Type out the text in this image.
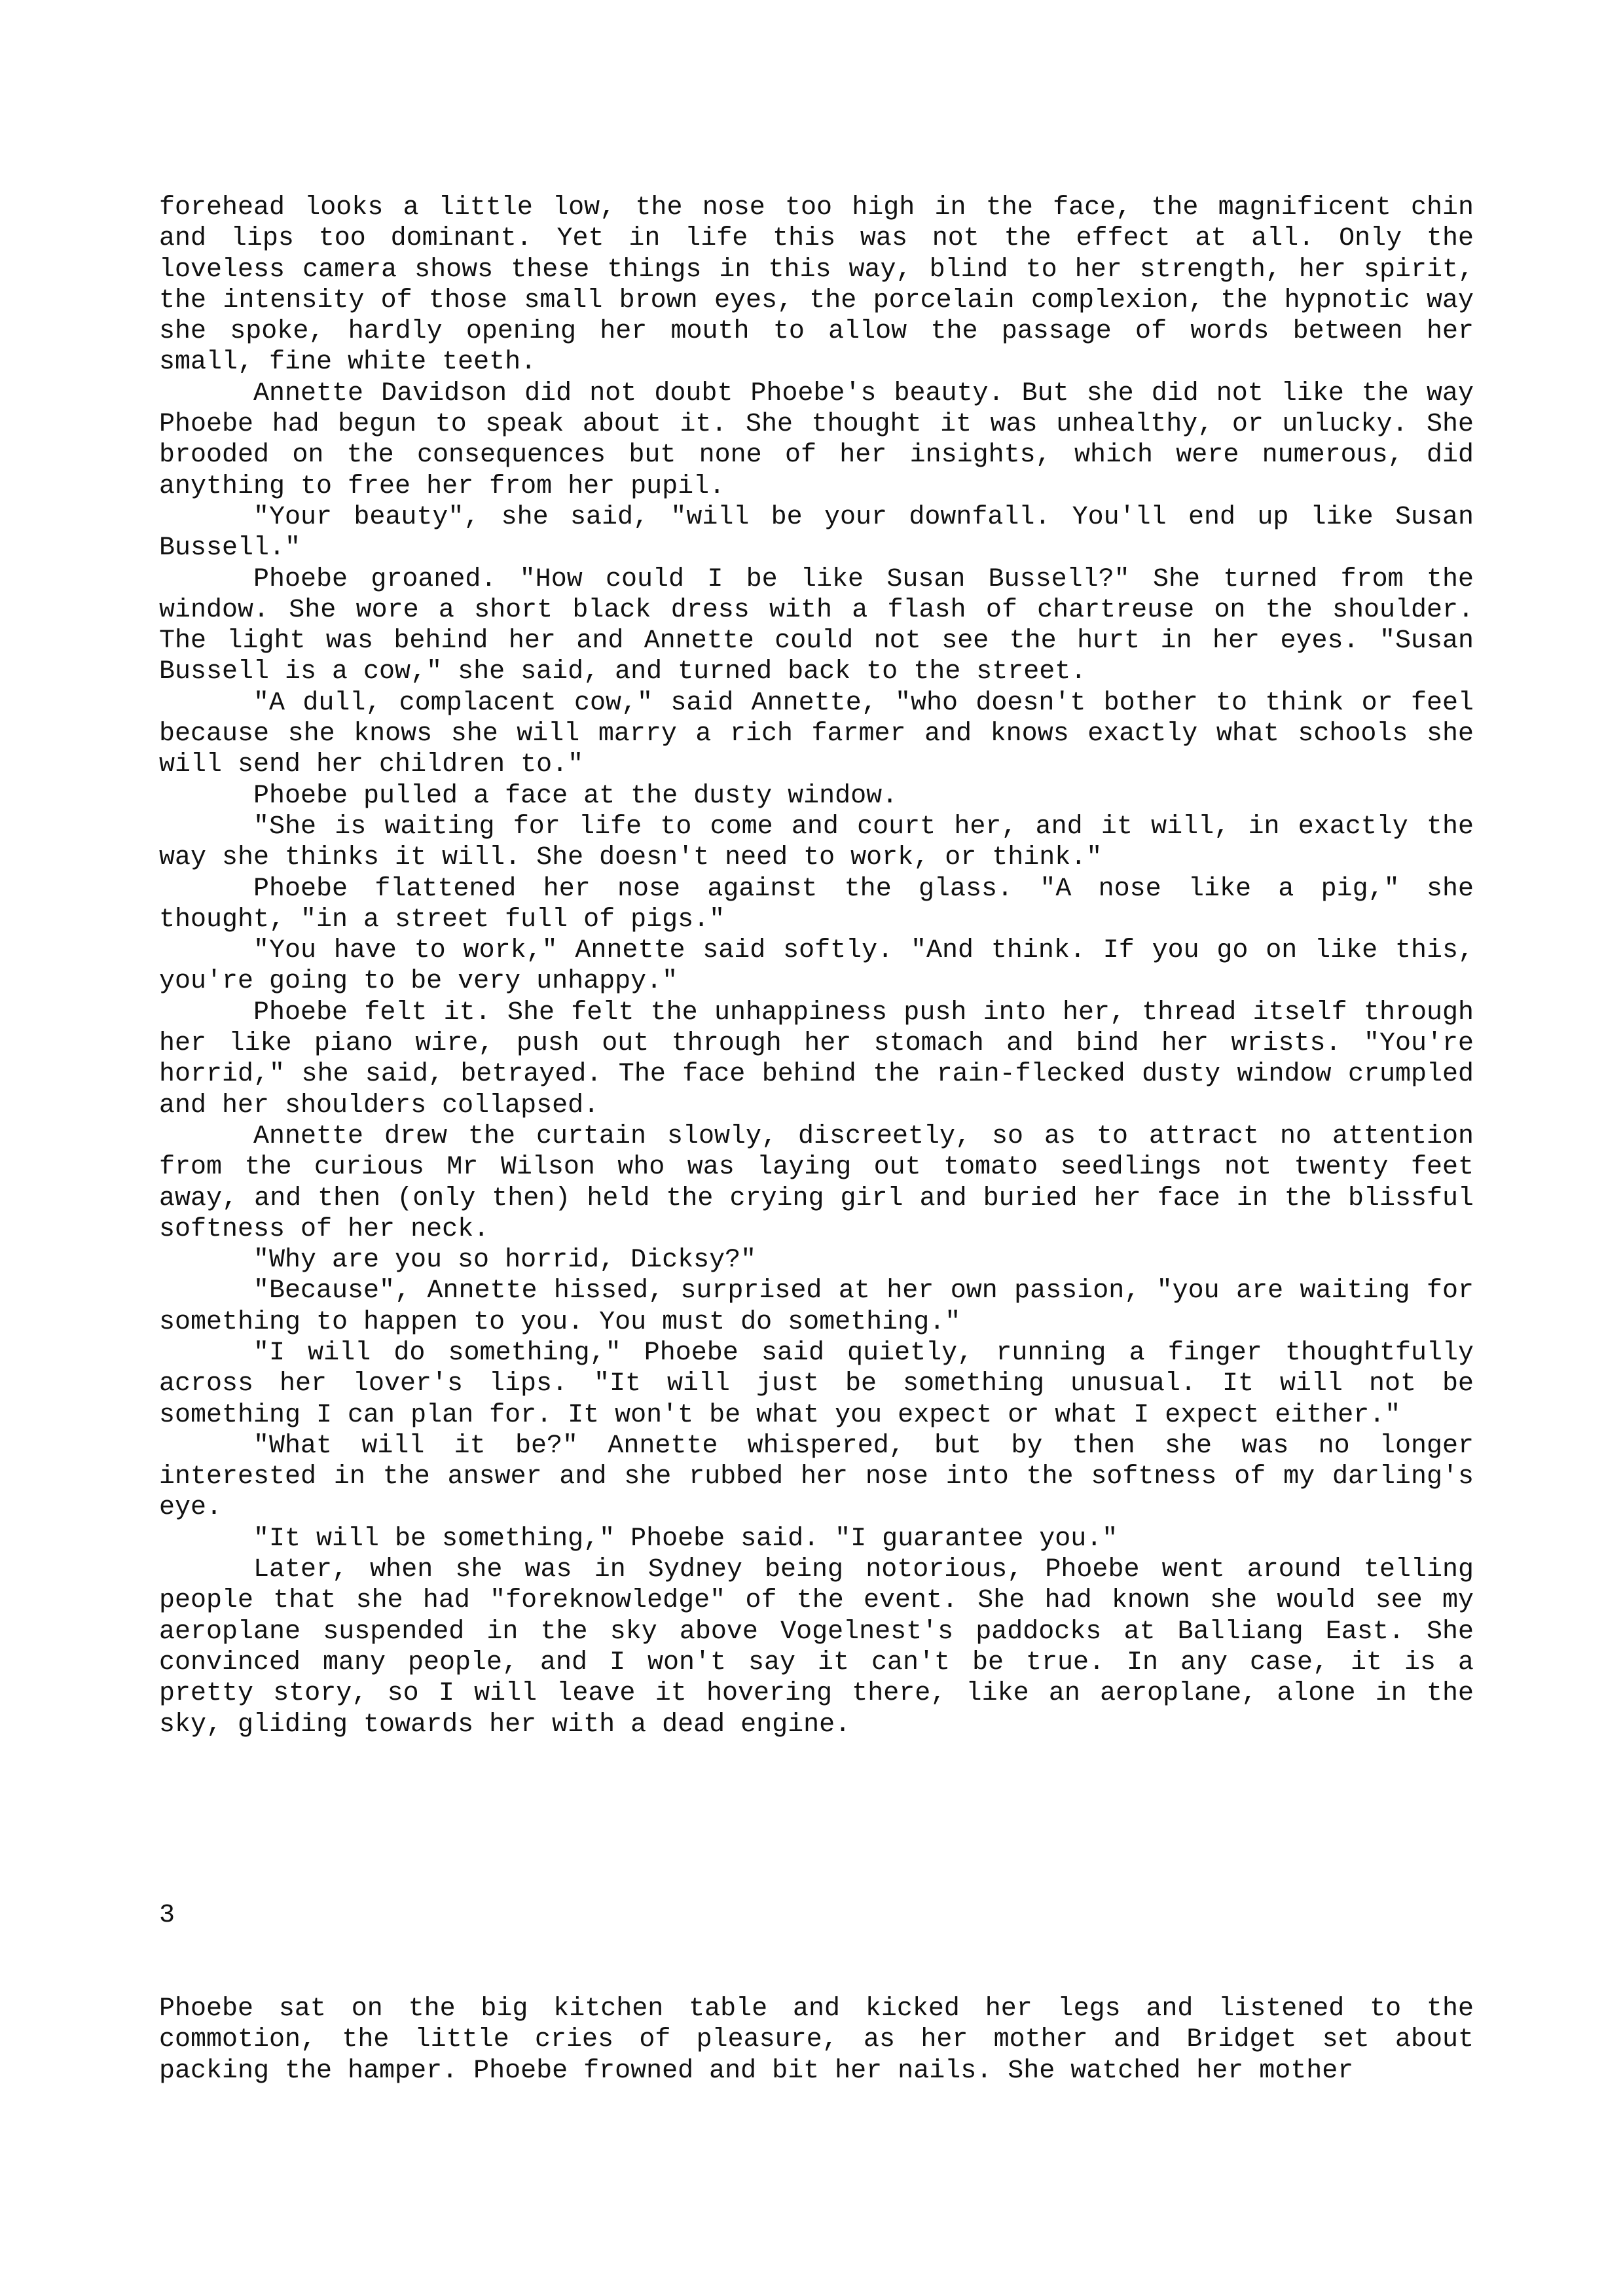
forehead looks a little low, the nose too high in the face, the magnificent chin and lips too dominant. Yet in life this was not the effect at all. Only the loveless camera shows these things in this way, blind to her strength, her spirit, the intensity of those small brown eyes, the porcelain complexion, the hypnotic way she spoke, hardly opening her mouth to allow the passage of words between her small, fine white teeth.

Annette Davidson did not doubt Phoebe's beauty. But she did not like the way Phoebe had begun to speak about it. She thought it was unhealthy, or unlucky. She brooded on the consequences but none of her insights, which were numerous, did anything to free her from her pupil.

"Your beauty", she said, "will be your downfall. You'll end up like Susan Bussell."

Phoebe groaned. "How could I be like Susan Bussell?" She turned from the window. She wore a short black dress with a flash of chartreuse on the shoulder. The light was behind her and Annette could not see the hurt in her eyes. "Susan Bussell is a cow," she said, and turned back to the street.

"A dull, complacent cow," said Annette, "who doesn't bother to think or feel because she knows she will marry a rich farmer and knows exactly what schools she will send her children to."

Phoebe pulled a face at the dusty window.

"She is waiting for life to come and court her, and it will, in exactly the way she thinks it will. She doesn't need to work, or think."

Phoebe flattened her nose against the glass. "A nose like a pig," she thought, "in a street full of pigs."

"You have to work," Annette said softly. "And think. If you go on like this, you're going to be very unhappy."

Phoebe felt it. She felt the unhappiness push into her, thread itself through her like piano wire, push out through her stomach and bind her wrists. "You're horrid," she said, betrayed. The face behind the rain-flecked dusty window crumpled and her shoulders collapsed.

Annette drew the curtain slowly, discreetly, so as to attract no attention from the curious Mr Wilson who was laying out tomato seedlings not twenty feet away, and then (only then) held the crying girl and buried her face in the blissful softness of her neck.

"Why are you so horrid, Dicksy?"

"Because", Annette hissed, surprised at her own passion, "you are waiting for something to happen to you. You must do something."

"I will do something," Phoebe said quietly, running a finger thoughtfully across her lover's lips. "It will just be something unusual. It will not be something I can plan for. It won't be what you expect or what I expect either."

"What will it be?" Annette whispered, but by then she was no longer interested in the answer and she rubbed her nose into the softness of my darling's eye.

"It will be something," Phoebe said. "I guarantee you."

Later, when she was in Sydney being notorious, Phoebe went around telling people that she had "foreknowledge" of the event. She had known she would see my aeroplane suspended in the sky above Vogelnest's paddocks at Balliang East. She convinced many people, and I won't say it can't be true. In any case, it is a pretty story, so I will leave it hovering there, like an aeroplane, alone in the sky, gliding towards her with a dead engine.

3

Phoebe sat on the big kitchen table and kicked her legs and listened to the commotion, the little cries of pleasure, as her mother and Bridget set about packing the hamper. Phoebe frowned and bit her nails. She watched her mother
